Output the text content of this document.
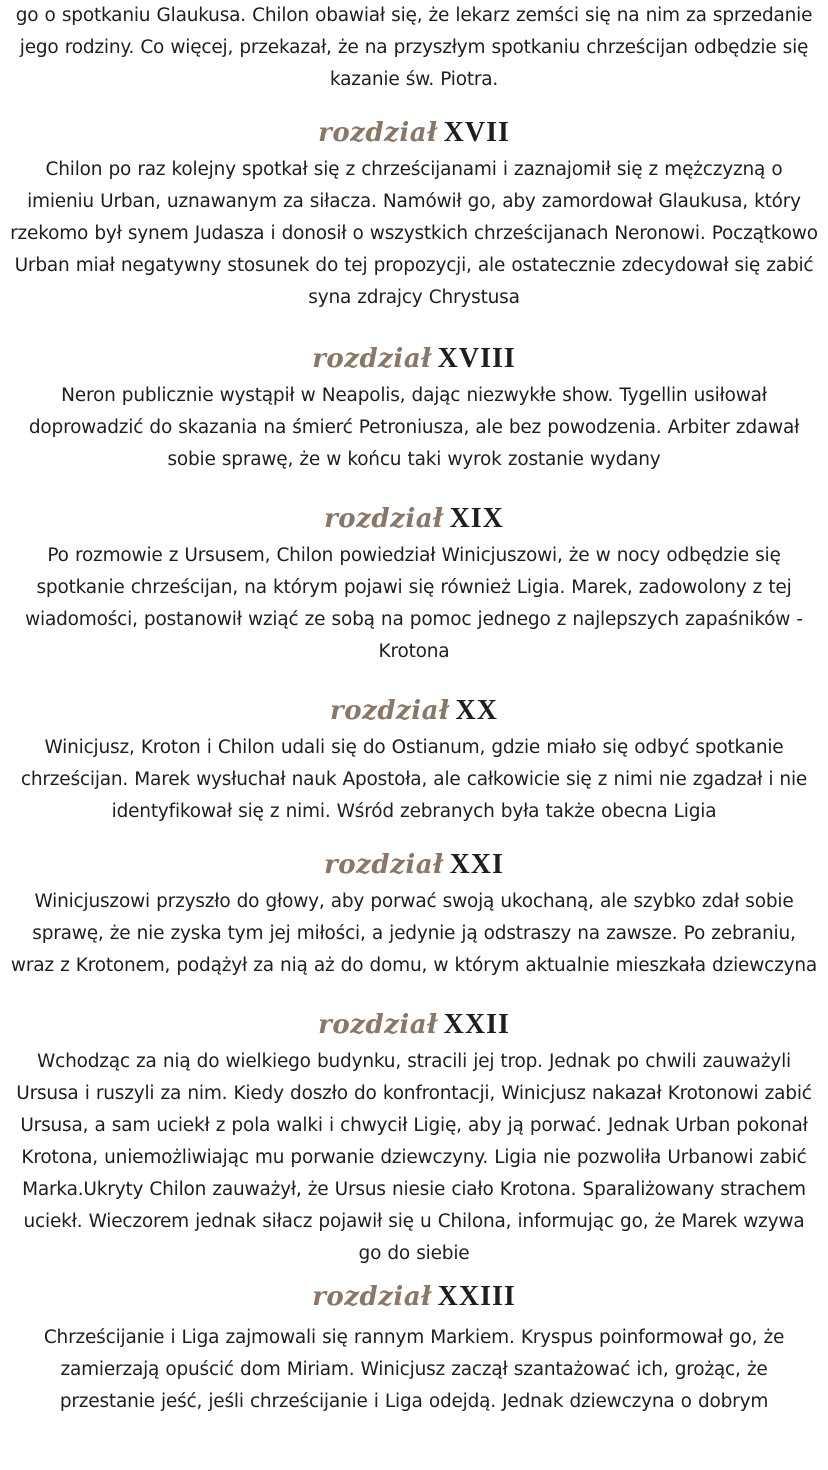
go o spotkaniu Glaukusa. Chilon obawiał się, że lekarz zemści się na nim za sprzedanie jego rodziny. Co więcej, przekazał, że na przyszłym spotkaniu chrześcijan odbędzie się kazanie św. Piotra.

rozdział XVII

Chilon po raz kolejny spotkał się z chrześcijanami i zaznajomił się z mężczyzną o imieniu Urban, uznawanym za siłacza. Namówił go, aby zamordował Glaukusa, który rzekomo był synem Judasza i donosił o wszystkich chrześcijanach Neronowi. Początkowo Urban miał negatywny stosunek do tej propozycji, ale ostatecznie zdecydował się zabić syna zdrajcy Chrystusa

rozdział XVIII

Neron publicznie wystąpił w Neapolis, dając niezwykłe show. Tygellin usiłował doprowadzić do skazania na śmierć Petroniusza, ale bez powodzenia. Arbiter zdawał sobie sprawę, że w końcu taki wyrok zostanie wydany

rozdział XIX

Po rozmowie z Ursusem, Chilon powiedział Winicjuszowi, że w nocy odbędzie się spotkanie chrześcijan, na którym pojawi się również Ligia. Marek, zadowolony z tej wiadomości, postanowił wziąć ze sobą na pomoc jednego z najlepszych zapaśników - Krotona

rozdział XX

Winicjusz, Kroton i Chilon udali się do Ostianum, gdzie miało się odbyć spotkanie chrześcijan. Marek wysłuchał nauk Apostoła, ale całkowicie się z nimi nie zgadzał i nie identyfikował się z nimi. Wśród zebranych była także obecna Ligia

rozdział XXI

Winicjuszowi przyszło do głowy, aby porwać swoją ukochaną, ale szybko zdał sobie sprawę, że nie zyska tym jej miłości, a jedynie ją odstraszy na zawsze. Po zebraniu, wraz z Krotonem, podążył za nią aż do domu, w którym aktualnie mieszkała dziewczyna

rozdział XXII

Wchodząc za nią do wielkiego budynku, stracili jej trop. Jednak po chwili zauważyli Ursusa i ruszyli za nim. Kiedy doszło do konfrontacji, Winicjusz nakazał Krotonowi zabić Ursusa, a sam uciekł z pola walki i chwycił Ligię, aby ją porwać. Jednak Urban pokonał Krotona, uniemożliwiając mu porwanie dziewczyny. Ligia nie pozwoliła Urbanowi zabić Marka.Ukryty Chilon zauważył, że Ursus niesie ciało Krotona. Sparaliżowany strachem uciekł. Wieczorem jednak siłacz pojawił się u Chilona, informując go, że Marek wzywa go do siebie

rozdział XXIII

Chrześcijanie i Liga zajmowali się rannym Markiem. Kryspus poinformował go, że zamierzają opuścić dom Miriam. Winicjusz zaczął szantażować ich, grożąc, że przestanie jeść, jeśli chrześcijanie i Liga odejdą. Jednak dziewczyna o dobrym
